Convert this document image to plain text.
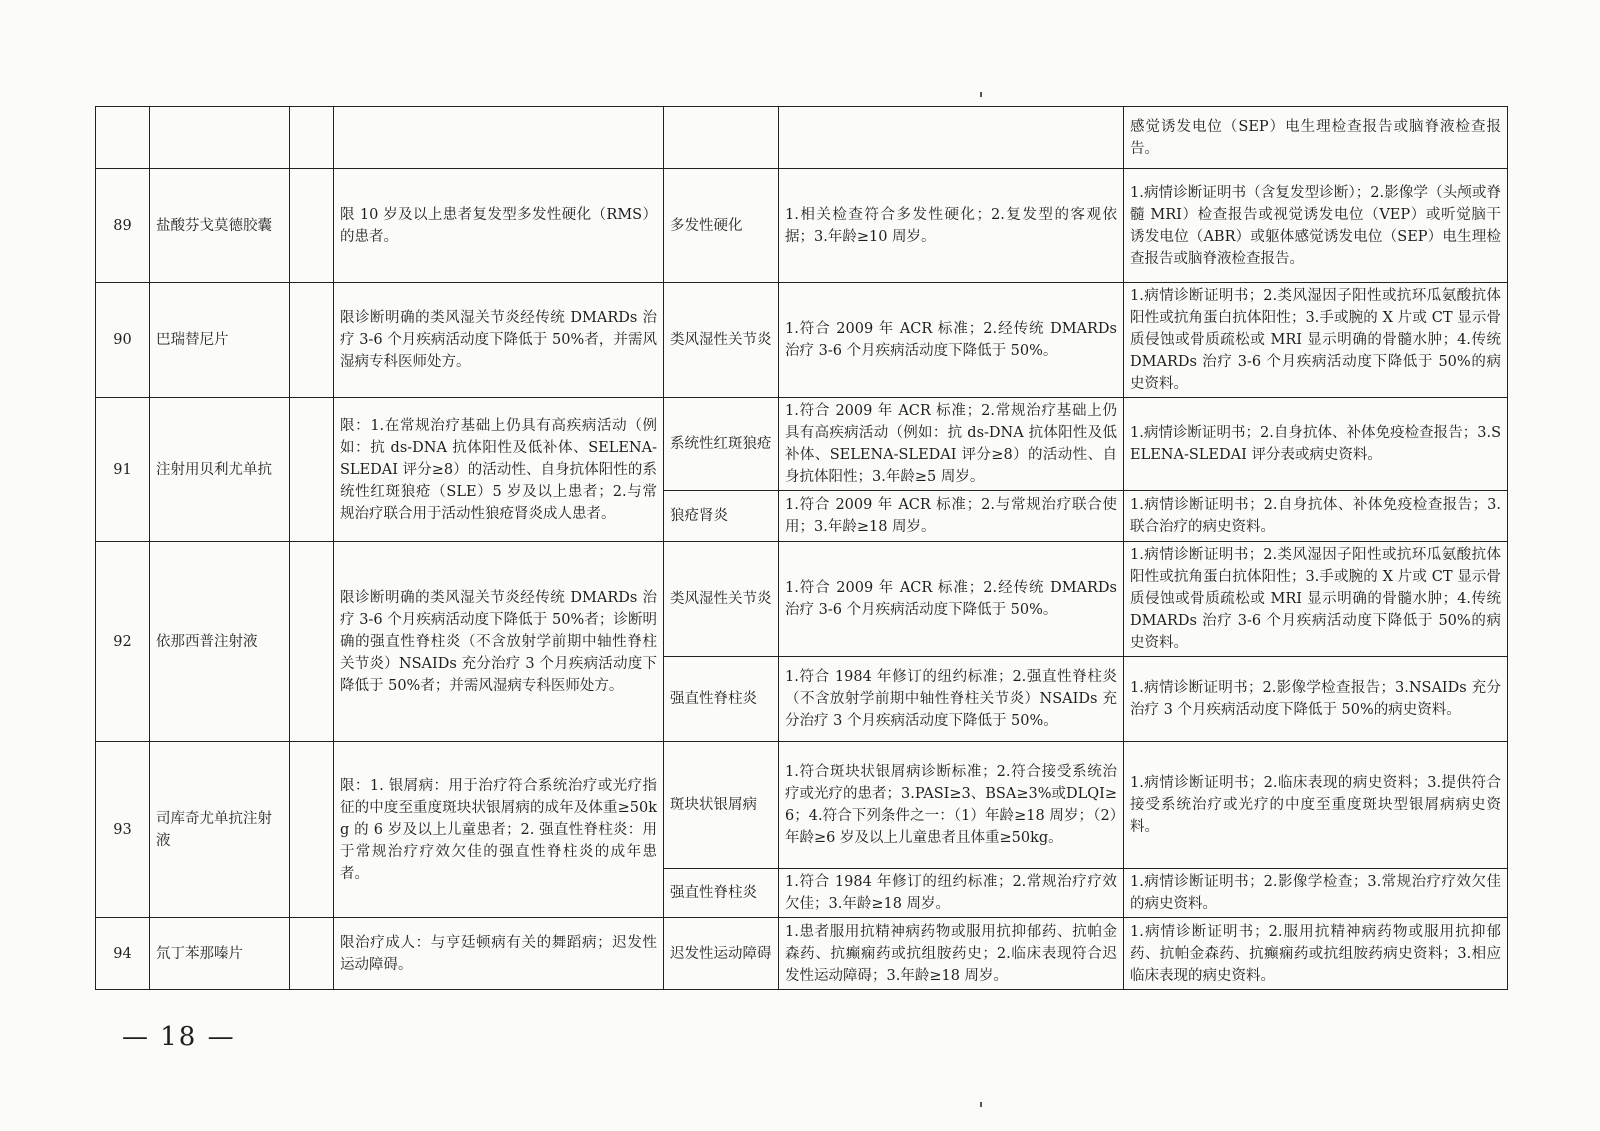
						感觉诱发电位（SEP）电生理检查报告或脑脊液检查报告。
89	盐酸芬戈莫德胶囊		限 10 岁及以上患者复发型多发性硬化（RMS）的患者。	多发性硬化	1.相关检查符合多发性硬化；2.复发型的客观依据；3.年龄≥10 周岁。	1.病情诊断证明书（含复发型诊断）；2.影像学（头颅或脊髓 MRI）检查报告或视觉诱发电位（VEP）或听觉脑干诱发电位（ABR）或躯体感觉诱发电位（SEP）电生理检查报告或脑脊液检查报告。
90	巴瑞替尼片		限诊断明确的类风湿关节炎经传统 DMARDs 治疗 3-6 个月疾病活动度下降低于 50%者，并需风湿病专科医师处方。	类风湿性关节炎	1.符合 2009 年 ACR 标准；2.经传统 DMARDs 治疗 3-6 个月疾病活动度下降低于 50%。	1.病情诊断证明书；2.类风湿因子阳性或抗环瓜氨酸抗体阳性或抗角蛋白抗体阳性；3.手或腕的 X 片或 CT 显示骨质侵蚀或骨质疏松或 MRI 显示明确的骨髓水肿；4.传统 DMARDs 治疗 3-6 个月疾病活动度下降低于 50%的病史资料。
91	注射用贝利尤单抗		限：1.在常规治疗基础上仍具有高疾病活动（例如：抗 ds-DNA 抗体阳性及低补体、SELENA-SLEDAI 评分≥8）的活动性、自身抗体阳性的系统性红斑狼疮（SLE）5 岁及以上患者；2.与常规治疗联合用于活动性狼疮肾炎成人患者。	系统性红斑狼疮	1.符合 2009 年 ACR 标准；2.常规治疗基础上仍具有高疾病活动（例如：抗 ds-DNA 抗体阳性及低补体、SELENA-SLEDAI 评分≥8）的活动性、自身抗体阳性；3.年龄≥5 周岁。	1.病情诊断证明书；2.自身抗体、补体免疫检查报告；3.SELENA-SLEDAI 评分表或病史资料。
				狼疮肾炎	1.符合 2009 年 ACR 标准；2.与常规治疗联合使用；3.年龄≥18 周岁。	1.病情诊断证明书；2.自身抗体、补体免疫检查报告；3.联合治疗的病史资料。
92	依那西普注射液		限诊断明确的类风湿关节炎经传统 DMARDs 治疗 3-6 个月疾病活动度下降低于 50%者；诊断明确的强直性脊柱炎（不含放射学前期中轴性脊柱关节炎）NSAIDs 充分治疗 3 个月疾病活动度下降低于 50%者；并需风湿病专科医师处方。	类风湿性关节炎	1.符合 2009 年 ACR 标准；2.经传统 DMARDs 治疗 3-6 个月疾病活动度下降低于 50%。	1.病情诊断证明书；2.类风湿因子阳性或抗环瓜氨酸抗体阳性或抗角蛋白抗体阳性；3.手或腕的 X 片或 CT 显示骨质侵蚀或骨质疏松或 MRI 显示明确的骨髓水肿；4.传统 DMARDs 治疗 3-6 个月疾病活动度下降低于 50%的病史资料。
				强直性脊柱炎	1.符合 1984 年修订的纽约标准；2.强直性脊柱炎（不含放射学前期中轴性脊柱关节炎）NSAIDs 充分治疗 3 个月疾病活动度下降低于 50%。	1.病情诊断证明书；2.影像学检查报告；3.NSAIDs 充分治疗 3 个月疾病活动度下降低于 50%的病史资料。
93	司库奇尤单抗注射液		限：1. 银屑病：用于治疗符合系统治疗或光疗指征的中度至重度斑块状银屑病的成年及体重≥50kg 的 6 岁及以上儿童患者；2. 强直性脊柱炎：用于常规治疗疗效欠佳的强直性脊柱炎的成年患者。	斑块状银屑病	1.符合斑块状银屑病诊断标准；2.符合接受系统治疗或光疗的患者；3.PASI≥3、BSA≥3%或DLQI≥6；4.符合下列条件之一：（1）年龄≥18 周岁；（2）年龄≥6 岁及以上儿童患者且体重≥50kg。	1.病情诊断证明书；2.临床表现的病史资料；3.提供符合接受系统治疗或光疗的中度至重度斑块型银屑病病史资料。
				强直性脊柱炎	1.符合 1984 年修订的纽约标准；2.常规治疗疗效欠佳；3.年龄≥18 周岁。	1.病情诊断证明书；2.影像学检查；3.常规治疗疗效欠佳的病史资料。
94	氘丁苯那嗪片		限治疗成人：与亨廷顿病有关的舞蹈病；迟发性运动障碍。	迟发性运动障碍	1.患者服用抗精神病药物或服用抗抑郁药、抗帕金森药、抗癫痫药或抗组胺药史；2.临床表现符合迟发性运动障碍；3.年龄≥18 周岁。	1.病情诊断证明书；2.服用抗精神病药物或服用抗抑郁药、抗帕金森药、抗癫痫药或抗组胺药病史资料；3.相应临床表现的病史资料。
— 18 —
